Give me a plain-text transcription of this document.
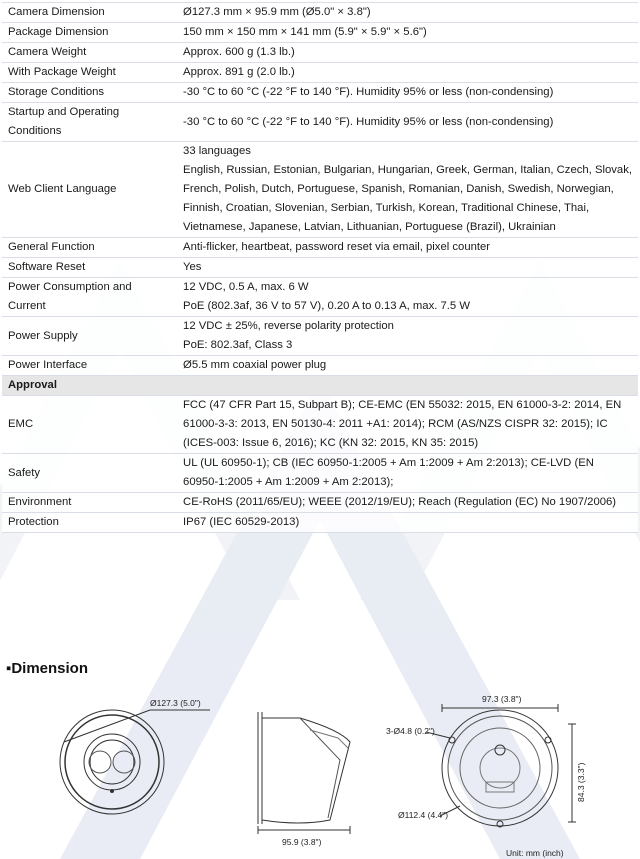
Camera Dimension	Ø127.3 mm × 95.9 mm (Ø5.0" × 3.8")

Package Dimension	150 mm × 150 mm × 141 mm (5.9" × 5.9" × 5.6")

Camera Weight	Approx. 600 g (1.3 lb.)

With Package Weight	Approx. 891 g (2.0 lb.)

Storage Conditions	-30 °C to 60 °C (-22 °F to 140 °F). Humidity 95% or less (non-condensing)

Startup and Operating Conditions	-30 °C to 60 °C (-22 °F to 140 °F). Humidity 95% or less (non-condensing)

Web Client Language	33 languages
English, Russian, Estonian, Bulgarian, Hungarian, Greek, German, Italian, Czech, Slovak,
French, Polish, Dutch, Portuguese, Spanish, Romanian, Danish, Swedish, Norwegian,
Finnish, Croatian, Slovenian, Serbian, Turkish, Korean, Traditional Chinese, Thai,
Vietnamese, Japanese, Latvian, Lithuanian, Portuguese (Brazil), Ukrainian

General Function	Anti-flicker, heartbeat, password reset via email, pixel counter

Software Reset	Yes

Power Consumption and Current	12 VDC, 0.5 A, max. 6 W
PoE (802.3af, 36 V to 57 V), 0.20 A to 0.13 A, max. 7.5 W

Power Supply	12 VDC ± 25%, reverse polarity protection
PoE: 802.3af, Class 3

Power Interface	Ø5.5 mm coaxial power plug

Approval	
EMC	FCC (47 CFR Part 15, Subpart B); CE-EMC (EN 55032: 2015, EN 61000-3-2: 2014, EN
61000-3-3: 2013, EN 50130-4: 2011 +A1: 2014); RCM (AS/NZS CISPR 32: 2015); IC
(ICES-003: Issue 6, 2016); KC (KN 32: 2015, KN 35: 2015)

Safety	UL (UL 60950-1); CB (IEC 60950-1:2005 + Am 1:2009 + Am 2:2013); CE-LVD (EN
60950-1:2005 + Am 1:2009 + Am 2:2013);

Environment	CE-RoHS (2011/65/EU); WEEE (2012/19/EU); Reach (Regulation (EC) No 1907/2006)

Protection	IP67 (IEC 60529-2013)
▪Dimension
Ø127.3 (5.0")
95.9 (3.8")
97.3 (3.8")
3-Ø4.8 (0.2")
84.3 (3.3")
Ø112.4 (4.4")
Unit: mm (inch)
